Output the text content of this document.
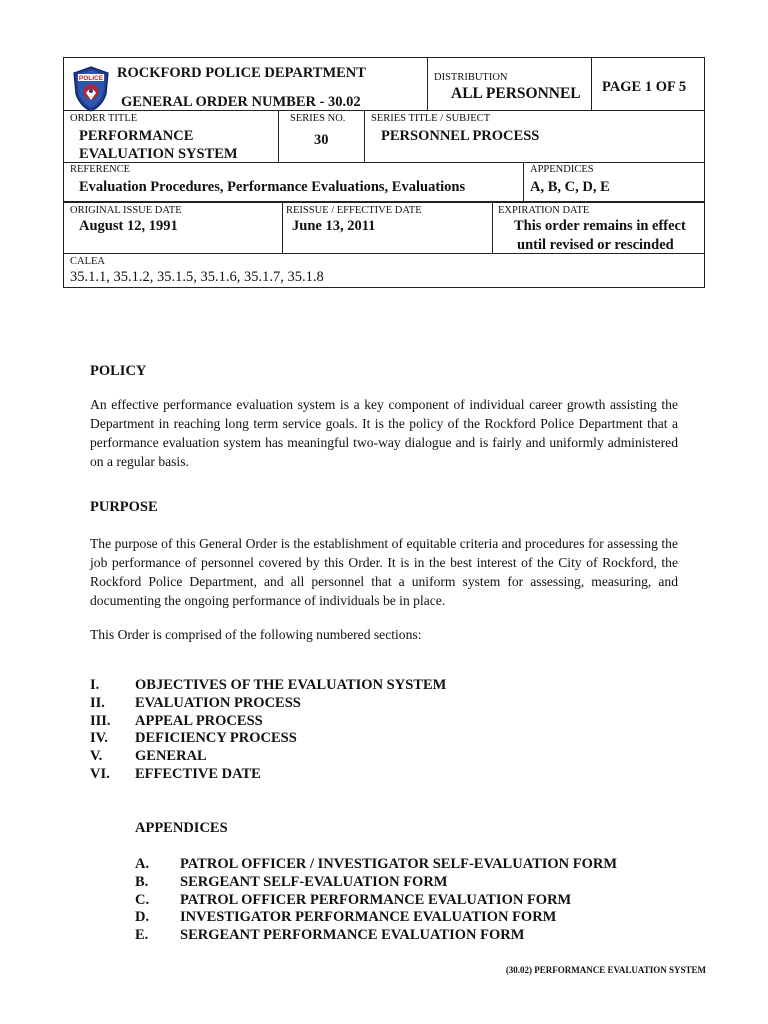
POLICE ROCKFORD POLICE DEPARTMENT
GENERAL ORDER NUMBER - 30.02
DISTRIBUTION
ALL PERSONNEL PAGE 1 OF 5
ORDER TITLE
PERFORMANCE
EVALUATION SYSTEM
SERIES NO.
30
SERIES TITLE / SUBJECT
PERSONNEL PROCESS
REFERENCE
Evaluation Procedures, Performance Evaluations, Evaluations
APPENDICES
A, B, C, D, E
ORIGINAL ISSUE DATE
August 12, 1991
REISSUE / EFFECTIVE DATE
June 13, 2011
EXPIRATION DATE
This order remains in effect
until revised or rescinded
CALEA
35.1.1, 35.1.2, 35.1.5, 35.1.6, 35.1.7, 35.1.8
POLICY
An effective performance evaluation system is a key component of individual career growth assisting the Department in reaching long term service goals. It is the policy of the Rockford Police Department that a performance evaluation system has meaningful two-way dialogue and is fairly and uniformly administered on a regular basis.
PURPOSE
The purpose of this General Order is the establishment of equitable criteria and procedures for assessing the job performance of personnel covered by this Order. It is in the best interest of the City of Rockford, the Rockford Police Department, and all personnel that a uniform system for assessing, measuring, and documenting the ongoing performance of individuals be in place.
This Order is comprised of the following numbered sections:
I. OBJECTIVES OF THE EVALUATION SYSTEM
II. EVALUATION PROCESS
III. APPEAL PROCESS
IV. DEFICIENCY PROCESS
V. GENERAL
VI. EFFECTIVE DATE
APPENDICES
A. PATROL OFFICER / INVESTIGATOR SELF-EVALUATION FORM
B. SERGEANT SELF-EVALUATION FORM
C. PATROL OFFICER PERFORMANCE EVALUATION FORM
D. INVESTIGATOR PERFORMANCE EVALUATION FORM
E. SERGEANT PERFORMANCE EVALUATION FORM
(30.02) PERFORMANCE EVALUATION SYSTEM
